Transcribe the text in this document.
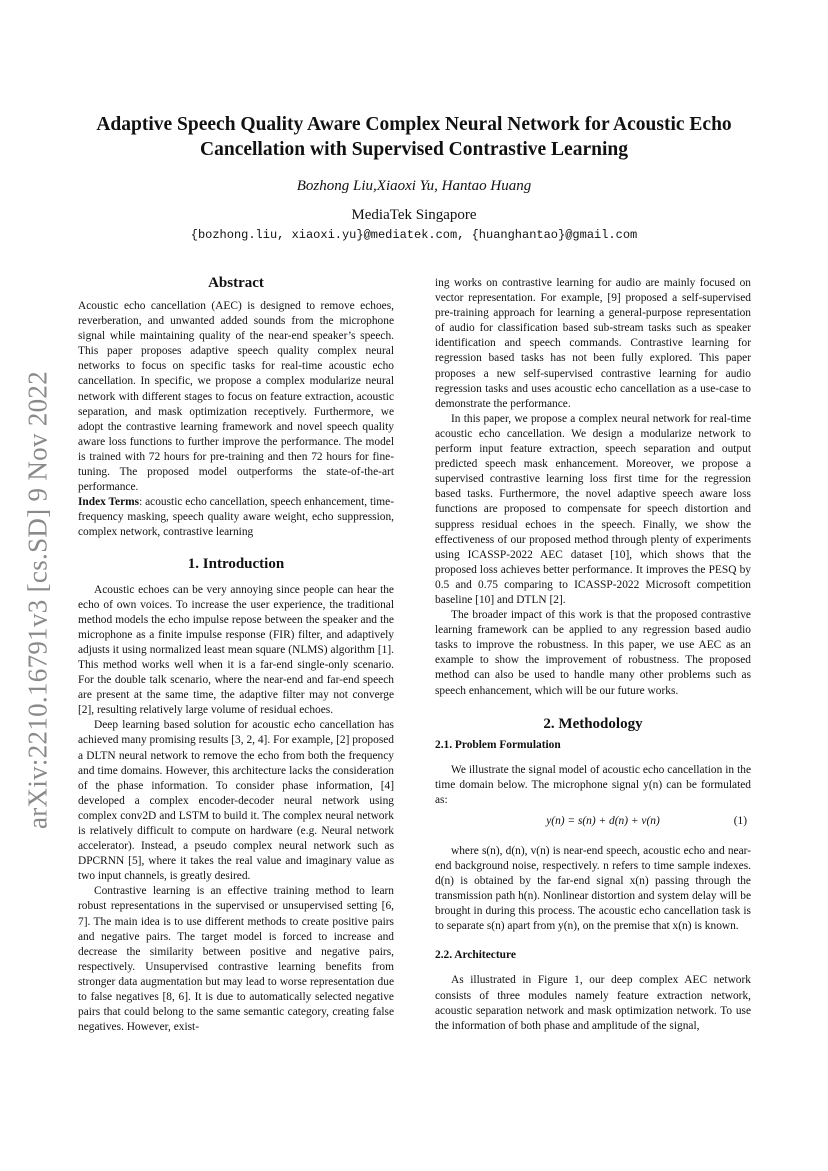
arXiv:2210.16791v3 [cs.SD] 9 Nov 2022
Adaptive Speech Quality Aware Complex Neural Network for Acoustic Echo Cancellation with Supervised Contrastive Learning
Bozhong Liu,Xiaoxi Yu, Hantao Huang
MediaTek Singapore
{bozhong.liu, xiaoxi.yu}@mediatek.com, {huanghantao}@gmail.com
Abstract

Acoustic echo cancellation (AEC) is designed to remove echoes, reverberation, and unwanted added sounds from the microphone signal while maintaining quality of the near-end speaker’s speech. This paper proposes adaptive speech quality complex neural networks to focus on specific tasks for real-time acoustic echo cancellation. In specific, we propose a complex modularize neural network with different stages to focus on feature extraction, acoustic separation, and mask optimization receptively. Furthermore, we adopt the contrastive learning framework and novel speech quality aware loss functions to further improve the performance. The model is trained with 72 hours for pre-training and then 72 hours for fine-tuning. The proposed model outperforms the state-of-the-art performance.

Index Terms: acoustic echo cancellation, speech enhancement, time-frequency masking, speech quality aware weight, echo suppression, complex network, contrastive learning

1. Introduction

Acoustic echoes can be very annoying since people can hear the echo of own voices. To increase the user experience, the traditional method models the echo impulse repose between the speaker and the microphone as a finite impulse response (FIR) filter, and adaptively adjusts it using normalized least mean square (NLMS) algorithm [1]. This method works well when it is a far-end single-only scenario. For the double talk scenario, where the near-end and far-end speech are present at the same time, the adaptive filter may not converge [2], resulting relatively large volume of residual echoes.

Deep learning based solution for acoustic echo cancellation has achieved many promising results [3, 2, 4]. For example, [2] proposed a DLTN neural network to remove the echo from both the frequency and time domains. However, this architecture lacks the consideration of the phase information. To consider phase information, [4] developed a complex encoder-decoder neural network using complex conv2D and LSTM to build it. The complex neural network is relatively difficult to compute on hardware (e.g. Neural network accelerator). Instead, a pseudo complex neural network such as DPCRNN [5], where it takes the real value and imaginary value as two input channels, is greatly desired.

Contrastive learning is an effective training method to learn robust representations in the supervised or unsupervised setting [6, 7]. The main idea is to use different methods to create positive pairs and negative pairs. The target model is forced to increase and decrease the similarity between positive and negative pairs, respectively. Unsupervised contrastive learning benefits from stronger data augmentation but may lead to worse representation due to false negatives [8, 6]. It is due to automatically selected negative pairs that could belong to the same semantic category, creating false negatives. However, exist-

ing works on contrastive learning for audio are mainly focused on vector representation. For example, [9] proposed a self-supervised pre-training approach for learning a general-purpose representation of audio for classification based sub-stream tasks such as speaker identification and speech commands. Contrastive learning for regression based tasks has not been fully explored. This paper proposes a new self-supervised contrastive learning for audio regression tasks and uses acoustic echo cancellation as a use-case to demonstrate the performance.

In this paper, we propose a complex neural network for real-time acoustic echo cancellation. We design a modularize network to perform input feature extraction, speech separation and output predicted speech mask enhancement. Moreover, we propose a supervised contrastive learning loss first time for the regression based tasks. Furthermore, the novel adaptive speech aware loss functions are proposed to compensate for speech distortion and suppress residual echoes in the speech. Finally, we show the effectiveness of our proposed method through plenty of experiments using ICASSP-2022 AEC dataset [10], which shows that the proposed loss achieves better performance. It improves the PESQ by 0.5 and 0.75 comparing to ICASSP-2022 Microsoft competition baseline [10] and DTLN [2].

The broader impact of this work is that the proposed contrastive learning framework can be applied to any regression based audio tasks to improve the robustness. In this paper, we use AEC as an example to show the improvement of robustness. The proposed method can also be used to handle many other problems such as speech enhancement, which will be our future works.

2. Methodology
2.1. Problem Formulation

We illustrate the signal model of acoustic echo cancellation in the time domain below. The microphone signal y(n) can be formulated as:

y(n) = s(n) + d(n) + v(n)	(1)

where s(n), d(n), v(n) is near-end speech, acoustic echo and near-end background noise, respectively. n refers to time sample indexes. d(n) is obtained by the far-end signal x(n) passing through the transmission path h(n). Nonlinear distortion and system delay will be brought in during this process. The acoustic echo cancellation task is to separate s(n) apart from y(n), on the premise that x(n) is known.

2.2. Architecture

As illustrated in Figure 1, our deep complex AEC network consists of three modules namely feature extraction network, acoustic separation network and mask optimization network. To use the information of both phase and amplitude of the signal,
